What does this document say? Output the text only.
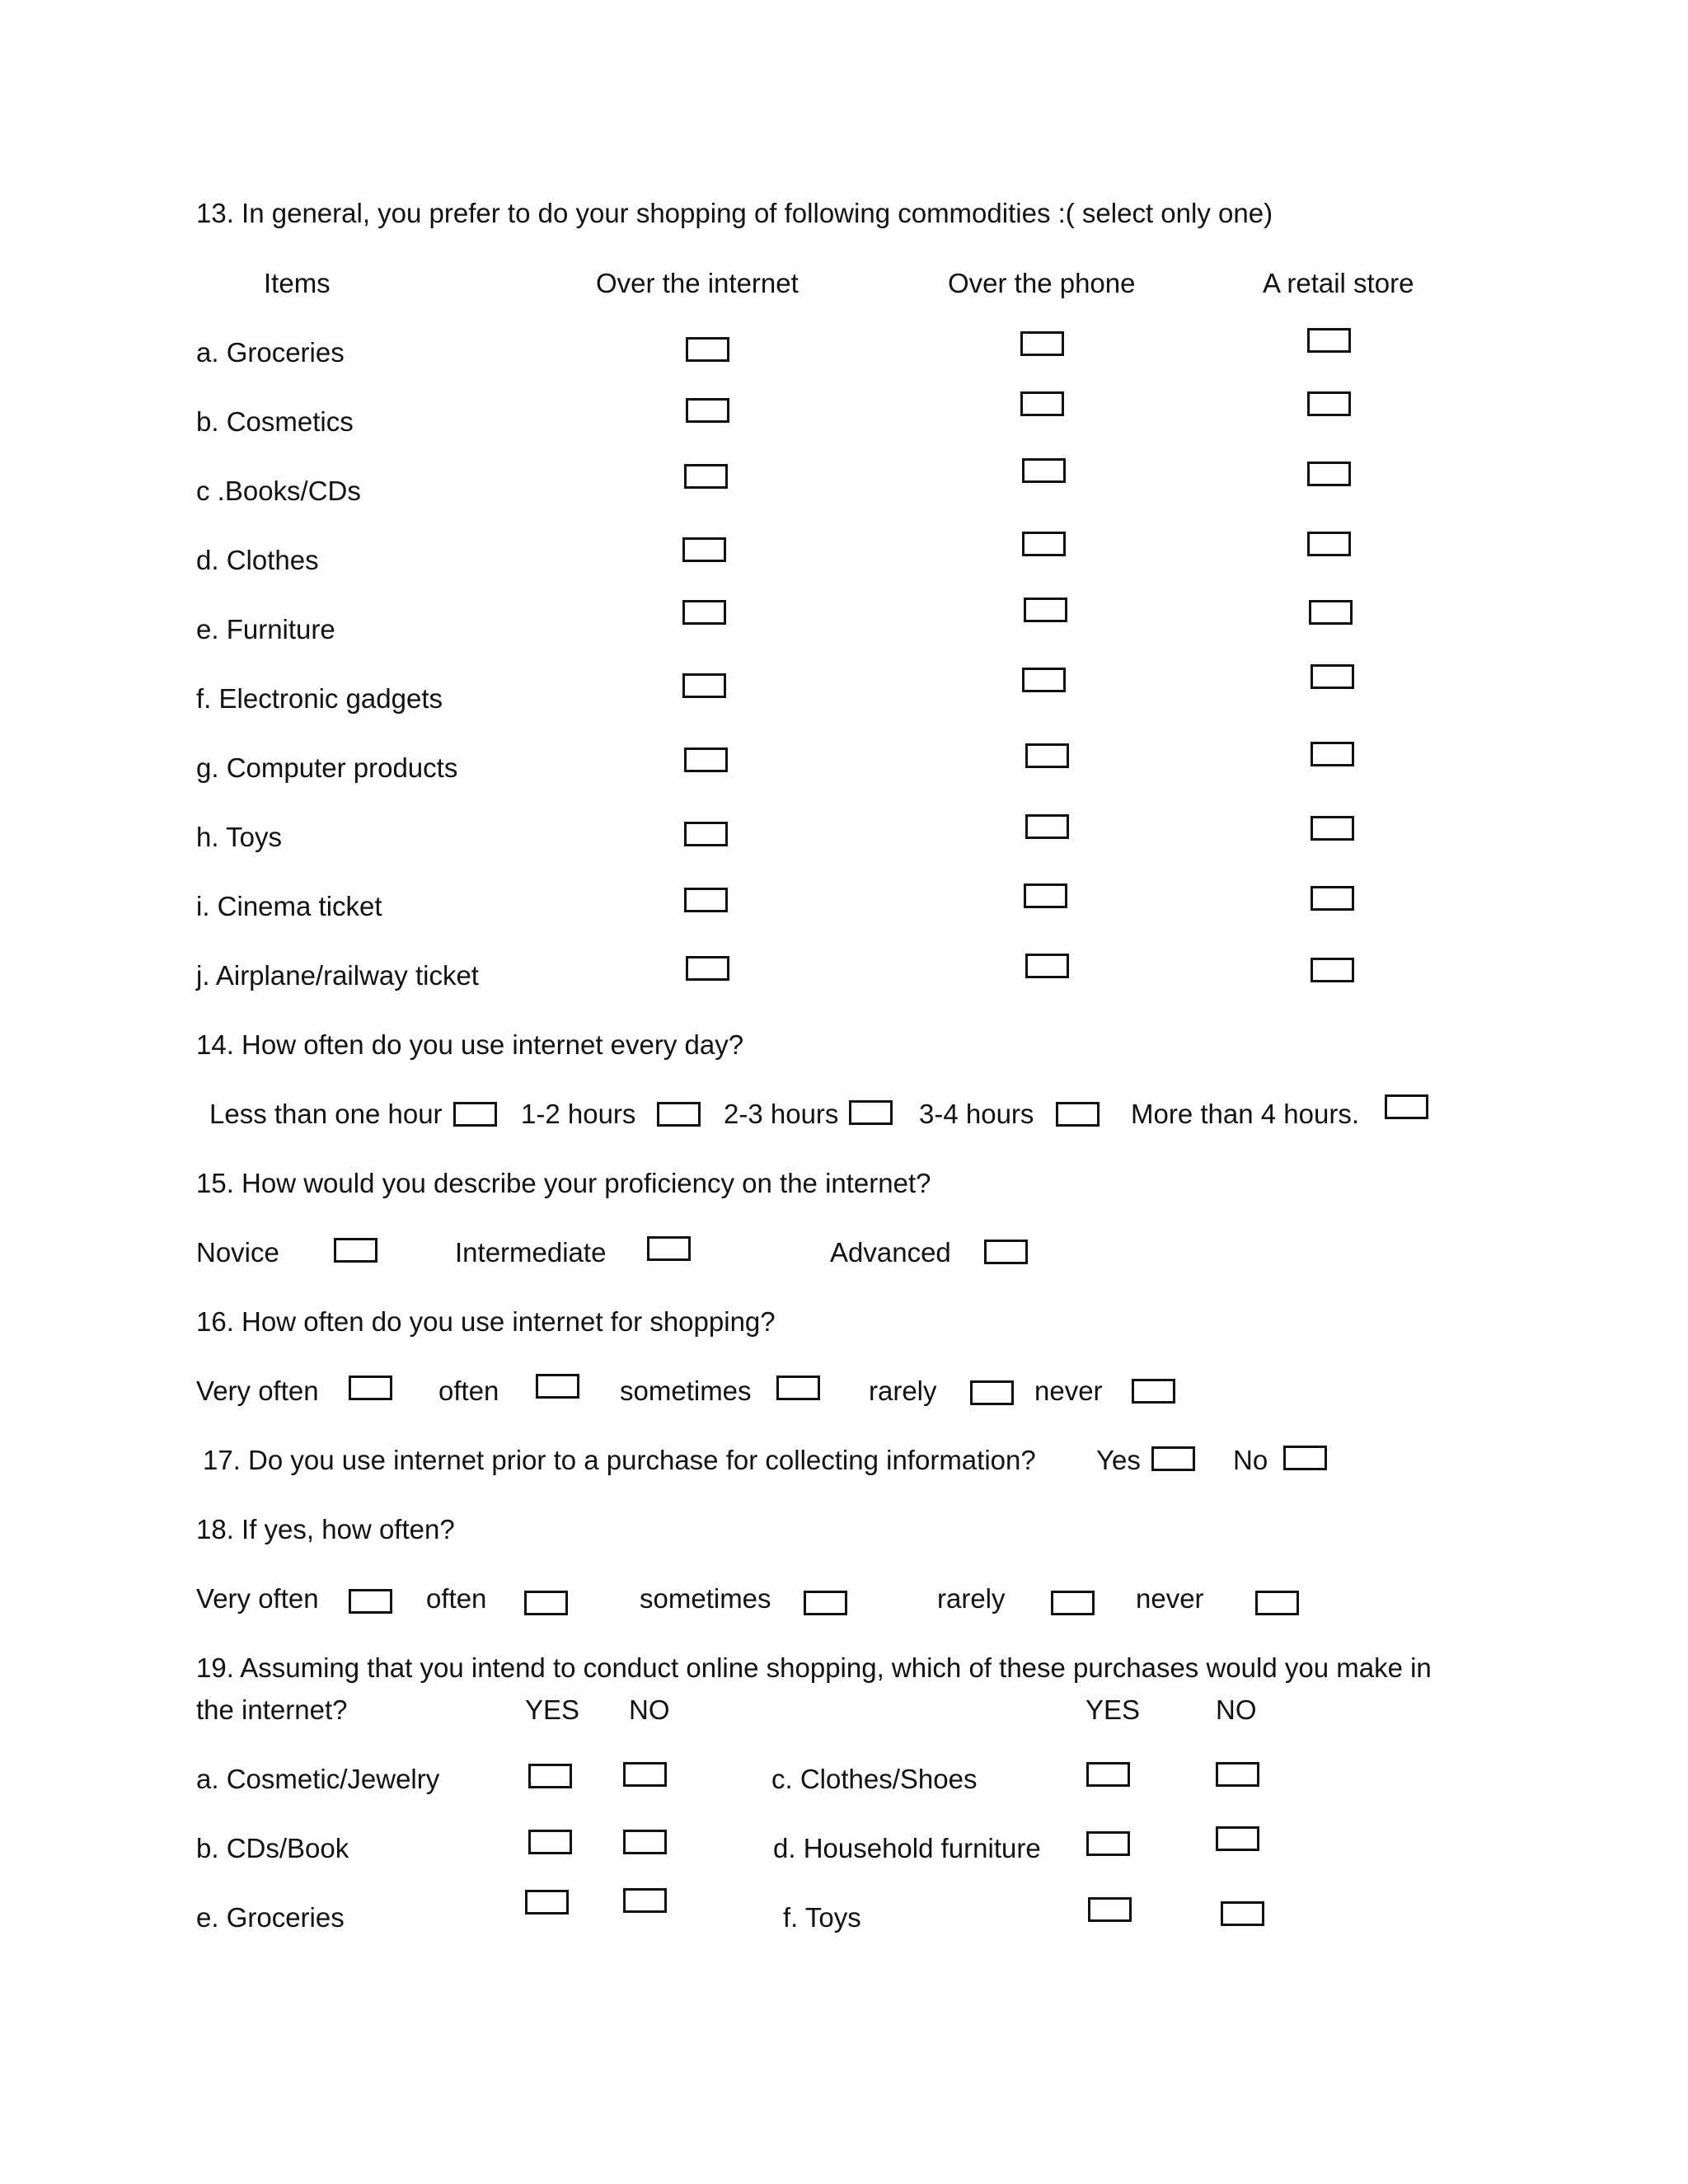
13. In general, you prefer to do your shopping of following commodities :( select only one)
Items	Over the internet	Over the phone	A retail store
a. Groceries
b. Cosmetics
c .Books/CDs
d. Clothes
e. Furniture
f. Electronic gadgets
g. Computer products
h. Toys
i. Cinema ticket
j. Airplane/railway ticket
14. How often do you use internet every day?
Less than one hour	1-2 hours	2-3 hours	3-4 hours	More than 4 hours.
15. How would you describe your proficiency on the internet?
Novice	Intermediate	Advanced
16. How often do you use internet for shopping?
Very often	often	sometimes	rarely	never
17. Do you use internet prior to a purchase for collecting information? Yes	No
18. If yes, how often?
Very often	often	sometimes	rarely	never
19. Assuming that you intend to conduct online shopping, which of these purchases would you make in
the internet?	YES NO	YES	NO
a. Cosmetic/Jewelry	c. Clothes/Shoes
b. CDs/Book	d. Household furniture
e. Groceries	f. Toys
